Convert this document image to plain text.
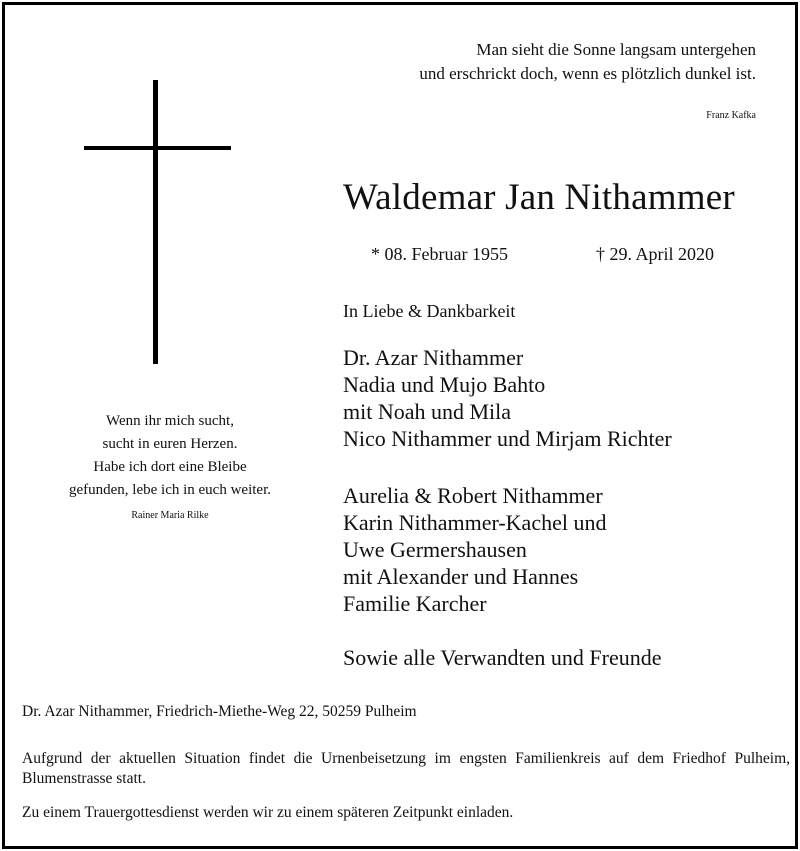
Man sieht die Sonne langsam untergehen
und erschrickt doch, wenn es plötzlich dunkel ist.
Franz Kafka
Waldemar Jan Nithammer
* 08. Februar 1955	† 29. April 2020
In Liebe & Dankbarkeit
Dr. Azar Nithammer
Nadia und Mujo Bahto
mit Noah und Mila
Nico Nithammer und Mirjam Richter
Aurelia & Robert Nithammer
Karin Nithammer-Kachel und
Uwe Germershausen
mit Alexander und Hannes
Familie Karcher
Sowie alle Verwandten und Freunde
Wenn ihr mich sucht,
sucht in euren Herzen.
Habe ich dort eine Bleibe
gefunden, lebe ich in euch weiter.
Rainer Maria Rilke
Dr. Azar Nithammer, Friedrich-Miethe-Weg 22, 50259 Pulheim
Aufgrund der aktuellen Situation findet die Urnenbeisetzung im engsten Familienkreis auf dem Friedhof Pulheim, Blumenstrasse statt.
Zu einem Trauergottesdienst werden wir zu einem späteren Zeitpunkt einladen.
